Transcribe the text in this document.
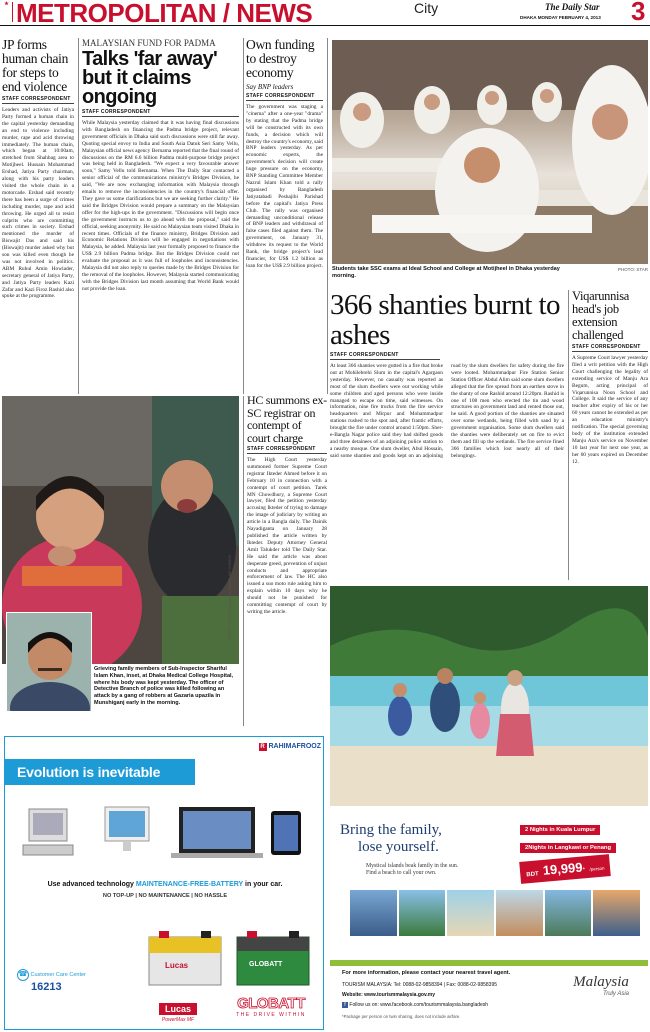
★ METROPOLITAN / NEWS	City	The Daily Star
DHAKA MONDAY FEBRUARY 4, 2013 3
JP forms human chain for steps to end violence
STAFF CORRESPONDENT
Leaders and activists of Jatiya Party formed a human chain in the capital yesterday demanding an end to violence including murder, rape and acid throwing immediately. The human chain, which began at 10:00am, stretched from Shahbag area to Motijheel. Hussain Mohammad Ershad, Jatiya Party chairman, along with his party leaders visited the whole chain in a motorcade. Ershad said recently there has been a surge of crimes including murder, rape and acid throwing. He urged all to resist culprits who are committing such crimes in society. Ershad mentioned the murder of Biswajit Das and said his (Biswajit) murder asked why but son was killed even though he was not involved in politics. ABM Ruhul Amin Howlader, secretary general of Jatiya Party, and Jatiya Party leaders Kazi Zafar and Kazi Firoz Rashid also spoke at the programme.
MALAYSIAN FUND FOR PADMA
Talks 'far away' but it claims ongoing
STAFF CORRESPONDENT
While Malaysia yesterday claimed that it was having final discussions with Bangladesh on financing the Padma bridge project, relevant government officials in Dhaka said such discussions were still far away. Quoting special envoy to India and South Asia Datuk Seri Samy Vellu, Malaysian official news agency Bernama reported that the final round of discussions on the RM 6.6 billion Padma multi-purpose bridge project was being held in Bangladesh. "We expect a very favourable answer soon," Samy Vellu told Bernama. When The Daily Star contacted a senior official of the communications ministry's Bridges Division, he said, "We are now exchanging information with Malaysia through emails to remove the inconsistencies in the country's financial offer. They gave us some clarifications but we are seeking further clarity." He said the Bridges Division would prepare a summary on the Malaysian offer for the high-ups in the government. "Discussions will begin once the government instructs us to go ahead with the proposal," said the official, seeking anonymity. He said no Malaysian team visited Dhaka in recent times. Officials of the finance ministry, Bridges Division and Economic Relations Division will be engaged in negotiations with Malaysia, he added. Malaysia last year formally proposed to finance the US$ 2.9 billion Padma bridge. But the Bridges Division could not evaluate the proposal as it was full of loopholes and inconsistencies. Malaysia did not also reply to queries made by the Bridges Division for the removal of the loopholes. However, Malaysia started communicating with the Bridges Division last month assuming that World Bank would not provide the loan.
Own funding to destroy economy
Say BNP leaders
STAFF CORRESPONDENT
The government was staging a "cinema" after a one-year "drama" by stating that the Padma bridge will be constructed with its own funds, a decision which will destroy the country's economy, said BNP leaders yesterday. As per economic experts, the government's decision will create huge pressure on the economy, BNP Standing Committee Member Nazrul Islam Khan told a rally organised by Bangladesh Jatiyatabadi Peshajibi Parishad before the capital's Jatiya Press Club. The rally was organised demanding unconditional release of BNP leaders and withdrawal of false cases filed against them. The government, on January 31, withdrew its request to the World Bank, the bridge project's lead financier, for US$ 1.2 billion as loan for the US$ 2.9 billion project.
Students take SSC exams at Ideal School and College at Motijheel in Dhaka yesterday morning.
PHOTO: STAR
366 shanties burnt to ashes
STAFF CORRESPONDENT
At least 366 shanties were gutted in a fire that broke out at Mohilebrehi Slum in the capital's Agargaon yesterday. However, no casualty was reported as most of the slum dwellers were out working while some children and aged persons who were inside managed to escape on time, said witnesses. On information, nine fire trucks from the fire service headquarters and Mirpur and Mohammadpur stations rushed to the spot and, after frantic efforts, brought the fire under control around 1:50pm. Sher-e-Bangla Nagar police said they had shifted goods and three detainees of an adjoining police station to a nearby mosque. One slum dweller, Abul Hossain, said some shanties and goods kept on an adjoining road by the slum dwellers for safety during the fire were looted. Mohammadpur Fire Station Senior Station Officer Abdul Alim said some slum dwellers alleged that the fire spread from an earthen stove in the shanty of one Rashid around 12:20pm. Rashid is one of 108 men who erected the tin and wood structures on government land and rented those out, he said. A good portion of the shanties are situated over some wetlands, being filled with sand by a government organisation. Some slum dwellers said the shanties were deliberately set on fire to evict them and fill up the wetlands. The fire service fined 366 families which lost nearly all of their belongings.
Viqarunnisa head's job extension challenged
STAFF CORRESPONDENT
A Supreme Court lawyer yesterday filed a writ petition with the High Court challenging the legality of extending service of Manju Ara Begum, acting principal of Viqarunnisa Noon School and College. It said the service of any teacher after expiry of his or her 60 years cannot be extended as per an education ministry's notification. The special governing body of the institution extended Manju Ara's service on November 10 last year for next one year, as her 60 years expired on December 12.
PHOTO: FOCUS BANGLA, BANGLAR CHOKH
Grieving family members of Sub-Inspector Shariful Islam Khan, inset, at Dhaka Medical College Hospital, where his body was kept yesterday. The officer of Detective Branch of police was killed following an attack by a gang of robbers at Gazaria upazila in Munshiganj early in the morning.
HC summons ex-SC registrar on contempt of court charge
STAFF CORRESPONDENT
The High Court yesterday summoned former Supreme Court registrar Ikteder Ahmed before it on February 10 in connection with a contempt of court petition. Tarek MN Chowdhury, a Supreme Court lawyer, filed the petition yesterday accusing Ikteder of trying to damage the image of judiciary by writing an article in a Bangla daily. The Dainik Nayadiganta on January 28 published the article written by Ikteder. Deputy Attorney General Amit Talukder told The Daily Star. He said the article was about desperate greed, prevention of unjust conducts and appropriate enforcement of law. The HC also issued a suo moto rule asking him to explain within 10 days why he should not be punished for committing contempt of court by writing the article.
R RAHIMAFROOZ
Evolution is inevitable
Use advanced technology MAINTENANCE-FREE-BATTERY in your car.
NO TOP-UP | NO MAINTENANCE | NO HASSLE
☎ Customer Care Center
16213
Lucas	GLOBATT
Lucas
PowerMax MF
GLOBATT
THE DRIVE WITHIN
Bring the family,
lose yourself.
Mystical islands beak family in the sun.
Find a beach to call your own.
2 Nights in Kuala Lumpur 2Nights in Langkawi or Penang BDT 19,999* /person
For more information, please contact your nearest travel agent.
TOURISM MALAYSIA: Tel: 0088-02-9858394 | Fax: 0088-02-9858395
Website: www.tourismmalaysia.gov.my
f Follow us on: www.facebook.com/tourismmalaysia.bangladesh
*Package per person on twin sharing, does not include airfare.
Malaysia
Truly Asia
